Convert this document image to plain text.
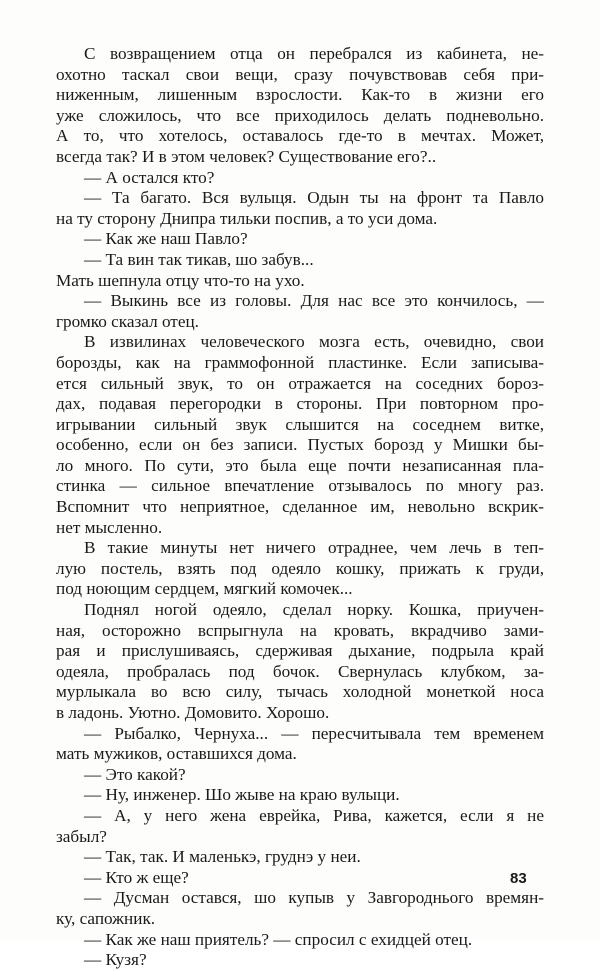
С возвращением отца он перебрался из кабинета, не-
охотно таскал свои вещи, сразу почувствовав себя при-
ниженным, лишенным взрослости. Как-то в жизни его
уже сложилось, что все приходилось делать подневольно.
А то, что хотелось, оставалось где-то в мечтах. Может,
всегда так? И в этом человек? Существование его?..
— А остался кто?
— Та багато. Вся вулыця. Одын ты на фронт та Павло
на ту сторону Днипра тильки поспив, а то уси дома.
— Как же наш Павло?
— Та вин так тикав, шо забув...
Мать шепнула отцу что-то на ухо.
— Выкинь все из головы. Для нас все это кончилось, —
громко сказал отец.
В извилинах человеческого мозга есть, очевидно, свои
борозды, как на граммофонной пластинке. Если записыва-
ется сильный звук, то он отражается на соседних бороз-
дах, подавая перегородки в стороны. При повторном про-
игрывании сильный звук слышится на соседнем витке,
особенно, если он без записи. Пустых борозд у Мишки бы-
ло много. По сути, это была еще почти незаписанная пла-
стинка — сильное впечатление отзывалось по многу раз.
Вспомнит что неприятное, сделанное им, невольно вскрик-
нет мысленно.
В такие минуты нет ничего отраднее, чем лечь в теп-
лую постель, взять под одеяло кошку, прижать к груди,
под ноющим сердцем, мягкий комочек...
Поднял ногой одеяло, сделал норку. Кошка, приучен-
ная, осторожно вспрыгнула на кровать, вкрадчиво зами-
рая и прислушиваясь, сдерживая дыхание, подрыла край
одеяла, пробралась под бочок. Свернулась клубком, за-
мурлыкала во всю силу, тычась холодной монеткой носа
в ладонь. Уютно. Домовито. Хорошо.
— Рыбалко, Чернуха... — пересчитывала тем временем
мать мужиков, оставшихся дома.
— Это какой?
— Ну, инженер. Шо жыве на краю вулыци.
— А, у него жена еврейка, Рива, кажется, если я не
забыл?
— Так, так. И маленькэ, груднэ у неи.
— Кто ж еще?
— Дусман остався, шо купыв у Завгороднього времян-
ку, сапожник.
— Как же наш приятель? — спросил с ехидцей отец.
— Кузя?
83
